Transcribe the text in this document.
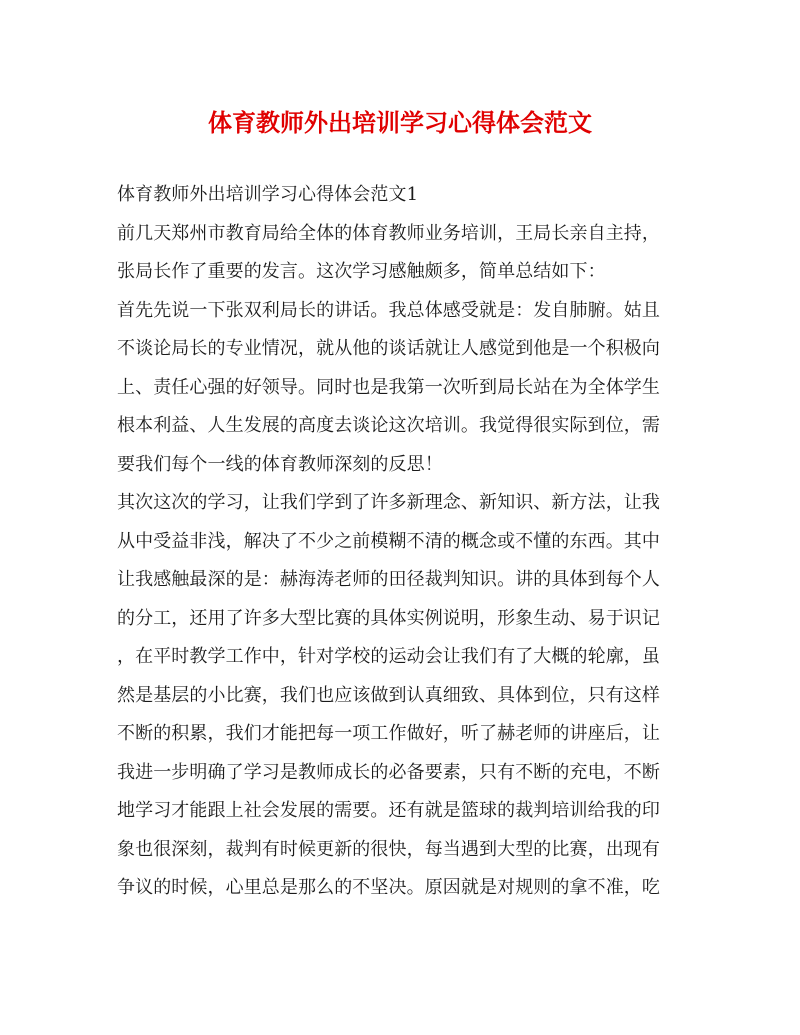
体育教师外出培训学习心得体会范文
体育教师外出培训学习心得体会范文1
前几天郑州市教育局给全体的体育教师业务培训，王局长亲自主持，
张局长作了重要的发言。这次学习感触颇多，简单总结如下：
首先先说一下张双利局长的讲话。我总体感受就是：发自肺腑。姑且
不谈论局长的专业情况，就从他的谈话就让人感觉到他是一个积极向
上、责任心强的好领导。同时也是我第一次听到局长站在为全体学生
根本利益、人生发展的高度去谈论这次培训。我觉得很实际到位，需
要我们每个一线的体育教师深刻的反思！
其次这次的学习，让我们学到了许多新理念、新知识、新方法，让我
从中受益非浅，解决了不少之前模糊不清的概念或不懂的东西。其中
让我感触最深的是：赫海涛老师的田径裁判知识。讲的具体到每个人
的分工，还用了许多大型比赛的具体实例说明，形象生动、易于识记
，在平时教学工作中，针对学校的运动会让我们有了大概的轮廓，虽
然是基层的小比赛，我们也应该做到认真细致、具体到位，只有这样
不断的积累，我们才能把每一项工作做好，听了赫老师的讲座后，让
我进一步明确了学习是教师成长的必备要素，只有不断的充电，不断
地学习才能跟上社会发展的需要。还有就是篮球的裁判培训给我的印
象也很深刻，裁判有时候更新的很快，每当遇到大型的比赛，出现有
争议的时候，心里总是那么的不坚决。原因就是对规则的拿不准，吃
